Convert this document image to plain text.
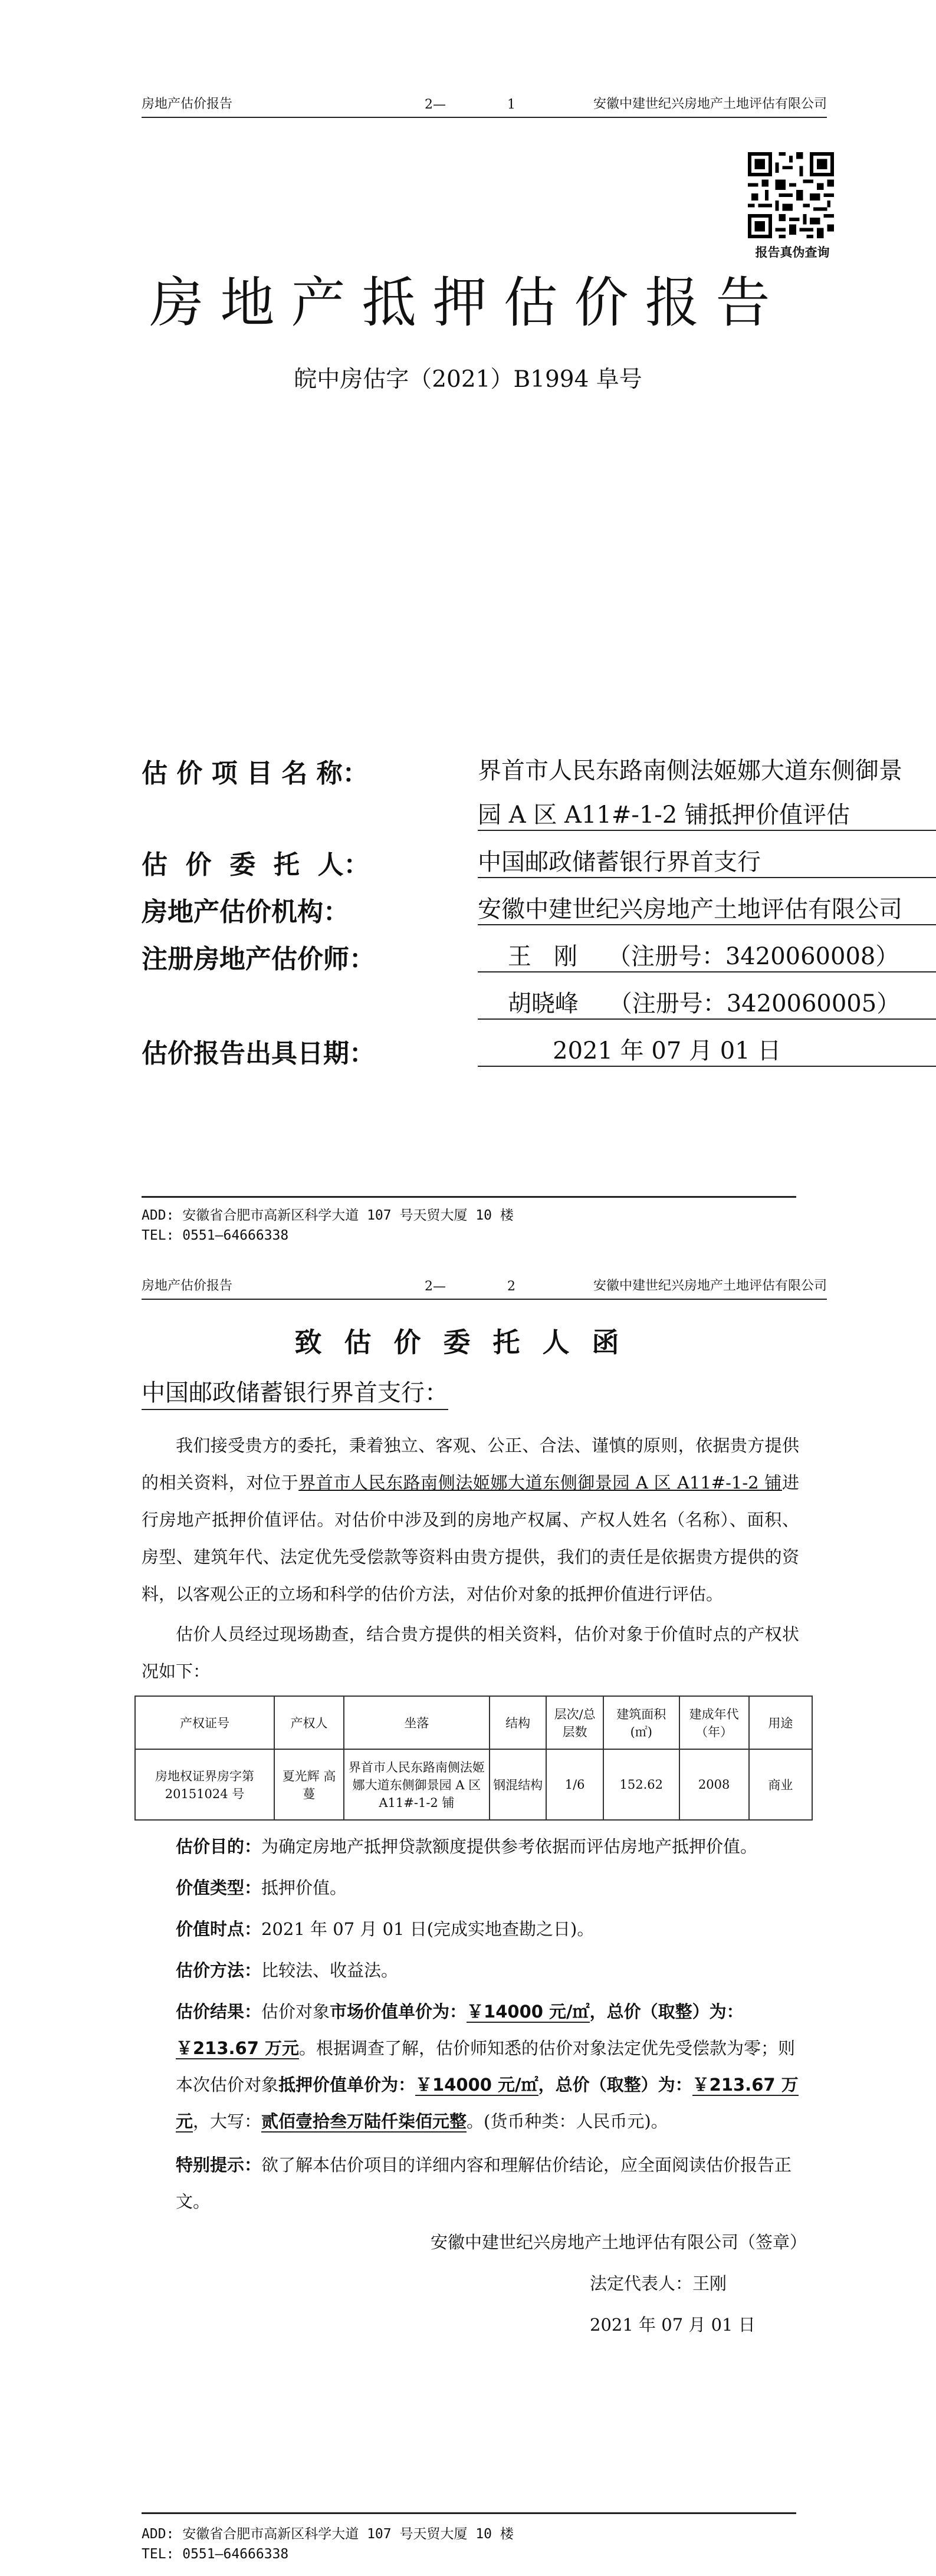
房地产估价报告	2—	1	安徽中建世纪兴房地产土地评估有限公司
报告真伪查询
房地产抵押估价报告
皖中房估字（2021）B1994 阜号
估 价 项 目 名 称：	界首市人民东路南侧法姬娜大道东侧御景
园 A 区 A11#-1-2 铺抵押价值评估
估  价  委  托  人：	中国邮政储蓄银行界首支行
房地产估价机构：	安徽中建世纪兴房地产土地评估有限公司
注册房地产估价师：	王   刚    （注册号：3420060008）
胡晓峰    （注册号：3420060005）
估价报告出具日期：	2021 年 07 月 01 日
ADD: 安徽省合肥市高新区科学大道 107 号天贸大厦 10 楼
TEL: 0551—64666338
房地产估价报告	2—	2	安徽中建世纪兴房地产土地评估有限公司
致估价委托人函
中国邮政储蓄银行界首支行：
我们接受贵方的委托，秉着独立、客观、公正、合法、谨慎的原则，依据贵方提供的相关资料，对位于界首市人民东路南侧法姬娜大道东侧御景园 A 区 A11#-1-2 铺进行房地产抵押价值评估。对估价中涉及到的房地产权属、产权人姓名（名称）、面积、房型、建筑年代、法定优先受偿款等资料由贵方提供，我们的责任是依据贵方提供的资料，以客观公正的立场和科学的估价方法，对估价对象的抵押价值进行评估。
估价人员经过现场勘查，结合贵方提供的相关资料，估价对象于价值时点的产权状况如下：
产权证号	产权人	坐落	结构	层次/总层数	建筑面积(㎡)	建成年代（年）	用途
房地权证界房字第 20151024 号	夏光辉 高蔓	界首市人民东路南侧法姬娜大道东侧御景园 A 区 A11#-1-2 铺	钢混结构	1/6	152.62	2008	商业
估价目的：为确定房地产抵押贷款额度提供参考依据而评估房地产抵押价值。
价值类型：抵押价值。
价值时点：2021 年 07 月 01 日(完成实地查勘之日)。
估价方法：比较法、收益法。
估价结果：估价对象市场价值单价为：￥14000 元/㎡，总价（取整）为：￥213.67 万元。根据调查了解，估价师知悉的估价对象法定优先受偿款为零；则本次估价对象抵押价值单价为：￥14000 元/㎡，总价（取整）为：￥213.67 万元，大写：贰佰壹拾叁万陆仟柒佰元整。(货币种类：人民币元)。
特别提示：欲了解本估价项目的详细内容和理解估价结论，应全面阅读估价报告正文。
安徽中建世纪兴房地产土地评估有限公司（签章）
法定代表人：王刚
2021 年 07 月 01 日
ADD: 安徽省合肥市高新区科学大道 107 号天贸大厦 10 楼
TEL: 0551—64666338
